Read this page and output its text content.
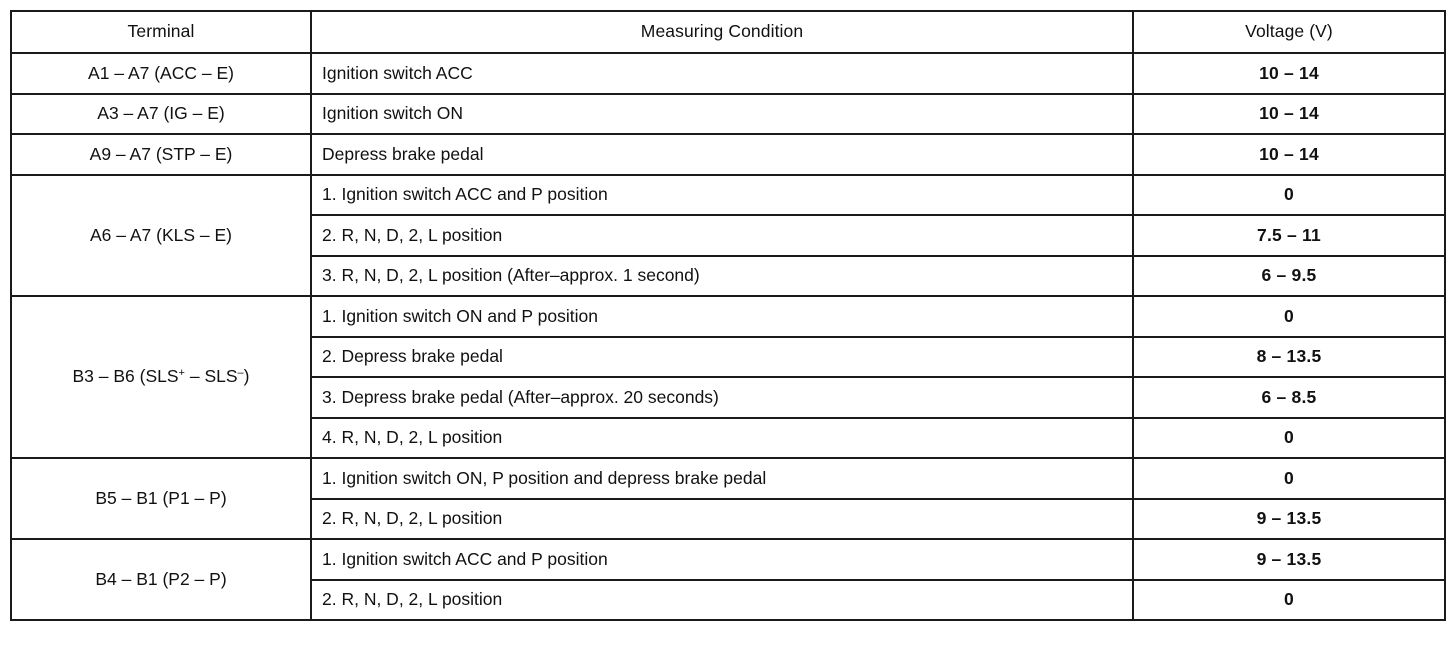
Terminal	Measuring Condition	Voltage (V)
A1 – A7 (ACC – E)	Ignition switch ACC	10 – 14
A3 – A7 (IG – E)	Ignition switch ON	10 – 14
A9 – A7 (STP – E)	Depress brake pedal	10 – 14
A6 – A7 (KLS – E)	1. Ignition switch ACC and P position	0
	2. R, N, D, 2, L position	7.5 – 11
	3. R, N, D, 2, L position (After–approx. 1 second)	6 – 9.5
B3 – B6 (SLS+ – SLS–)	1. Ignition switch ON and P position	0
	2. Depress brake pedal	8 – 13.5
	3. Depress brake pedal (After–approx. 20 seconds)	6 – 8.5
	4. R, N, D, 2, L position	0
B5 – B1 (P1 – P)	1. Ignition switch ON, P position and depress brake pedal	0
	2. R, N, D, 2, L position	9 – 13.5
B4 – B1 (P2 – P)	1. Ignition switch ACC and P position	9 – 13.5
	2. R, N, D, 2, L position	0
